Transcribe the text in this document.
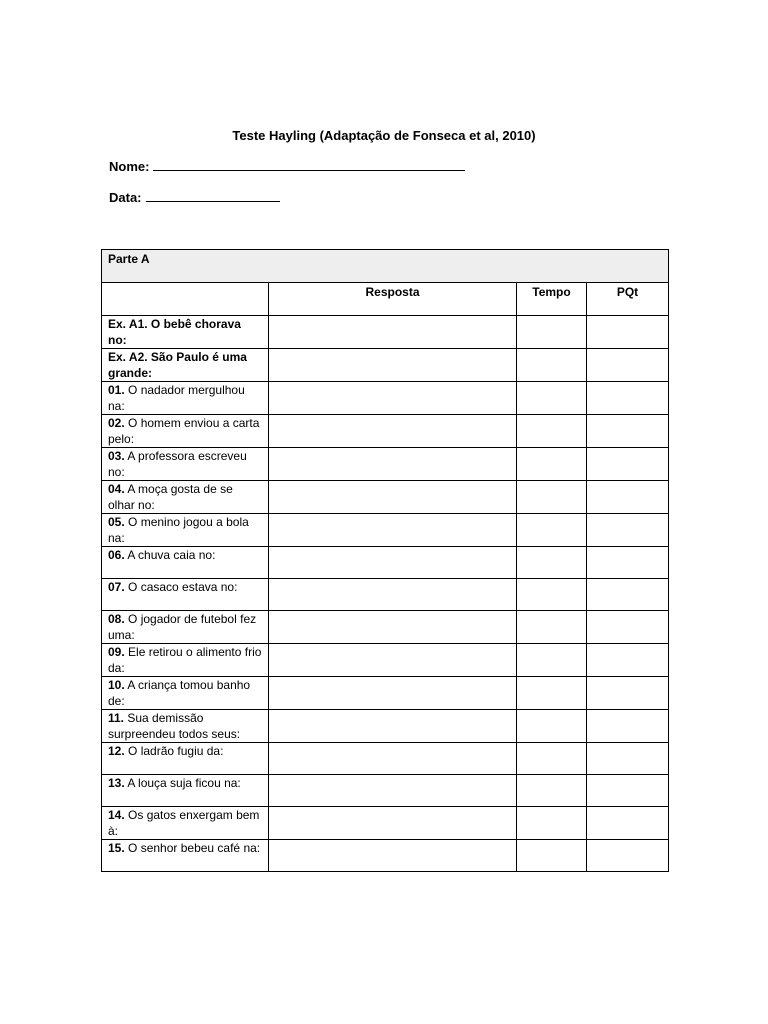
Teste Hayling (Adaptação de Fonseca et al, 2010)
Nome:
Data:
Parte A			
	Resposta	Tempo	PQt
Ex. A1. O bebê chorava no:			
Ex. A2. São Paulo é uma grande:			
01. O nadador mergulhou na:			
02. O homem enviou a carta pelo:			
03. A professora escreveu no:			
04. A moça gosta de se olhar no:			
05. O menino jogou a bola na:			
06. A chuva caia no:			
07. O casaco estava no:			
08. O jogador de futebol fez uma:			
09. Ele retirou o alimento frio da:			
10. A criança tomou banho de:			
11. Sua demissão surpreendeu todos seus:			
12. O ladrão fugiu da:			
13. A louça suja ficou na:			
14. Os gatos enxergam bem à:			
15. O senhor bebeu café na:			
